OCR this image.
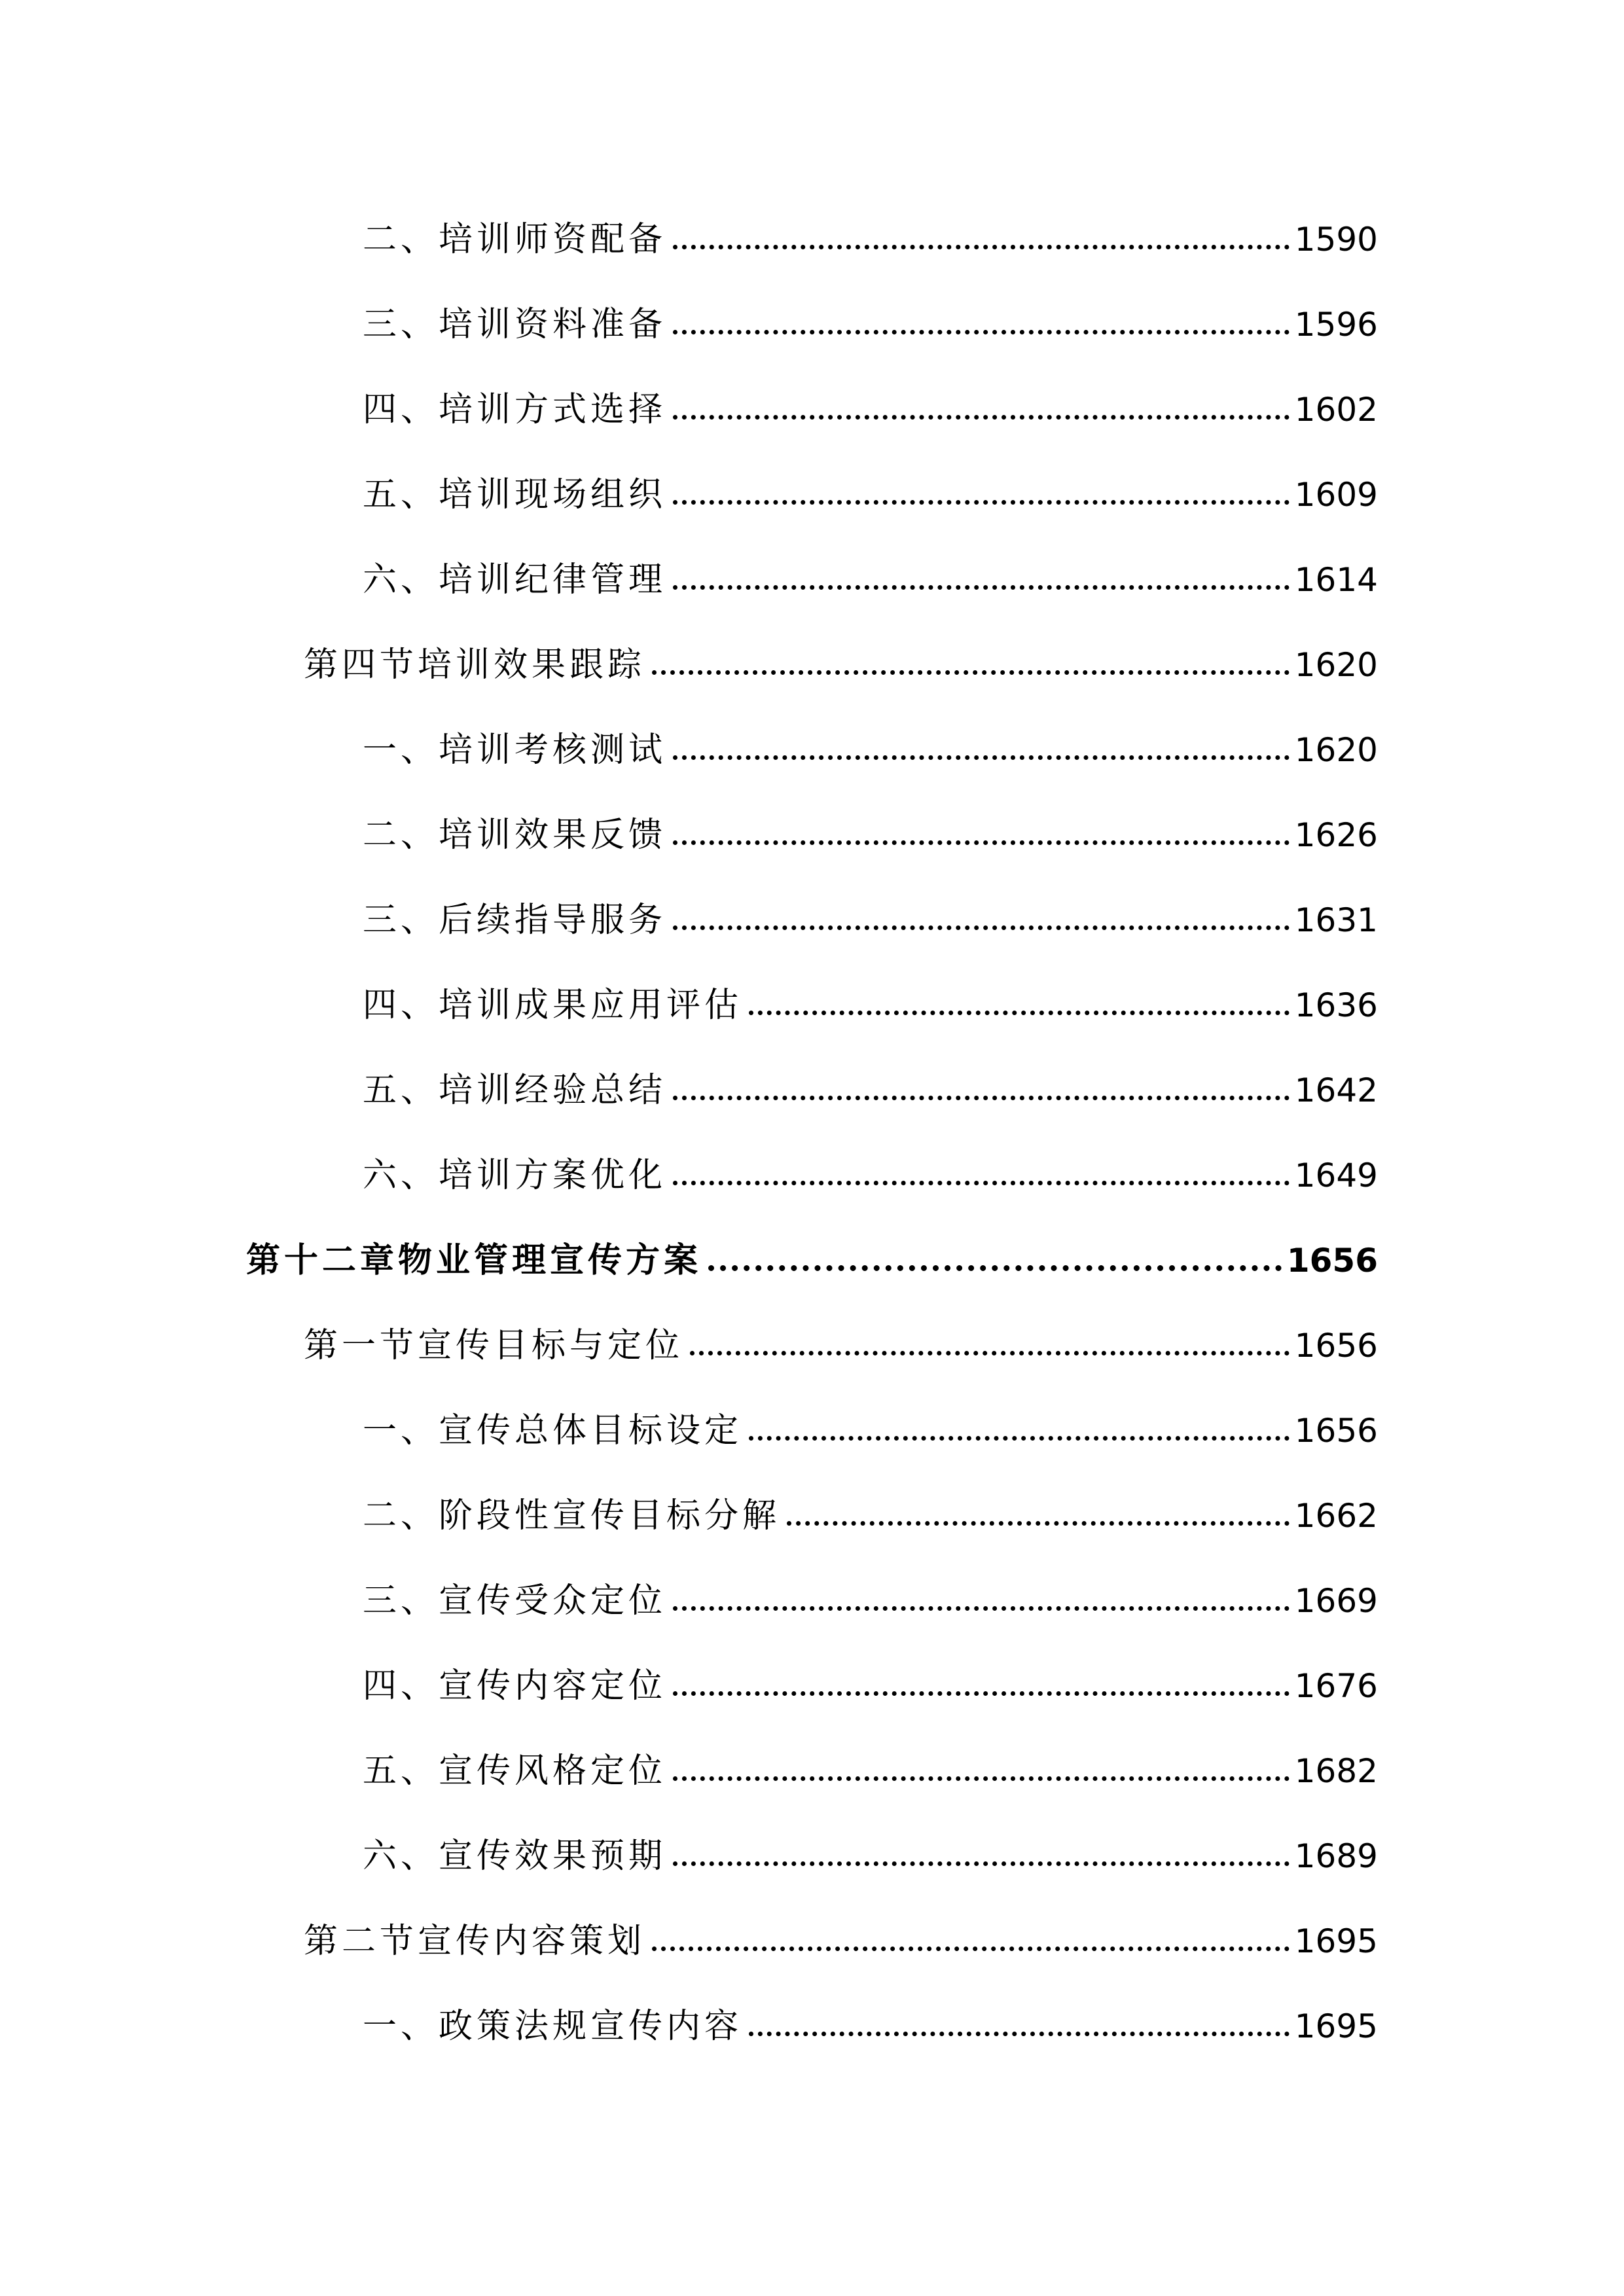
二、培训师资配备	1590
三、培训资料准备	1596
四、培训方式选择	1602
五、培训现场组织	1609
六、培训纪律管理	1614
第四节培训效果跟踪	1620
一、培训考核测试	1620
二、培训效果反馈	1626
三、后续指导服务	1631
四、培训成果应用评估	1636
五、培训经验总结	1642
六、培训方案优化	1649
第十二章物业管理宣传方案	1656
第一节宣传目标与定位	1656
一、宣传总体目标设定	1656
二、阶段性宣传目标分解	1662
三、宣传受众定位	1669
四、宣传内容定位	1676
五、宣传风格定位	1682
六、宣传效果预期	1689
第二节宣传内容策划	1695
一、政策法规宣传内容	1695
